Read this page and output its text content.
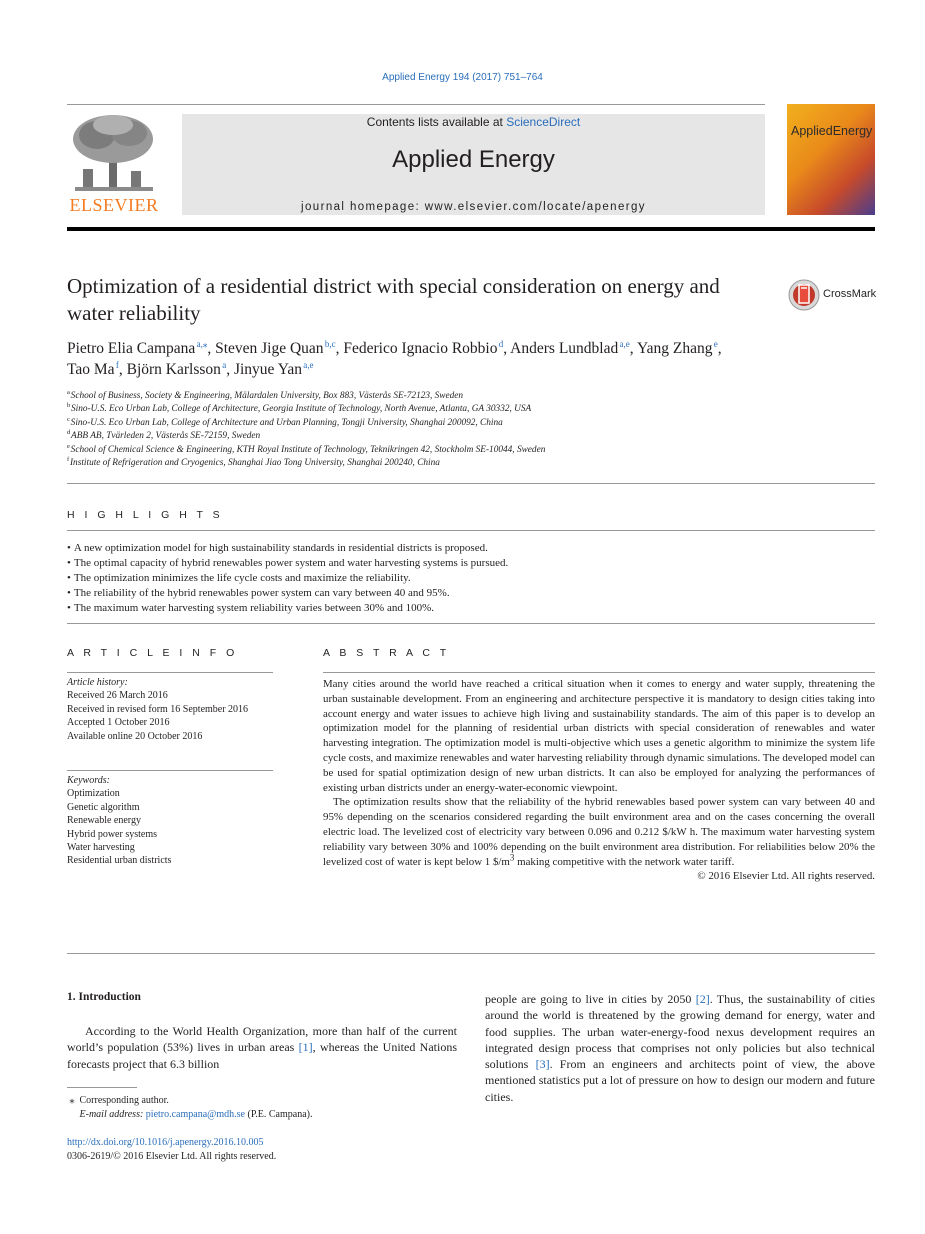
Applied Energy 194 (2017) 751–764
ELSEVIER
Contents lists available at ScienceDirect
Applied Energy
journal homepage: www.elsevier.com/locate/apenergy
AppliedEnergy
Optimization of a residential district with special consideration on energy and water reliability
CrossMark
Pietro Elia Campana $^{a,⁎}$, Steven Jige Quan $^{b,c}$, Federico Ignacio Robbio $^d$, Anders Lundblad $^{a,e}$, Yang Zhang $^e$,
Tao Ma $^f$, Björn Karlsson $^a$, Jinyue Yan $^{a,e}$
$^a$ School of Business, Society & Engineering, Mälardalen University, Box 883, Västerås SE-72123, Sweden
$^b$ Sino-U.S. Eco Urban Lab, College of Architecture, Georgia Institute of Technology, North Avenue, Atlanta, GA 30332, USA
$^c$ Sino-U.S. Eco Urban Lab, College of Architecture and Urban Planning, Tongji University, Shanghai 200092, China
$^d$ ABB AB, Tvärleden 2, Västerås SE-72159, Sweden
$^e$ School of Chemical Science & Engineering, KTH Royal Institute of Technology, Teknikringen 42, Stockholm SE-10044, Sweden
$^f$ Institute of Refrigeration and Cryogenics, Shanghai Jiao Tong University, Shanghai 200240, China
H I G H L I G H T S
• A new optimization model for high sustainability standards in residential districts is proposed.
• The optimal capacity of hybrid renewables power system and water harvesting systems is pursued.
• The optimization minimizes the life cycle costs and maximize the reliability.
• The reliability of the hybrid renewables power system can vary between 40 and 95%.
• The maximum water harvesting system reliability varies between 30% and 100%.
A R T I C L E I N F O
Article history:
Received 26 March 2016
Received in revised form 16 September 2016
Accepted 1 October 2016
Available online 20 October 2016
Keywords:
Optimization
Genetic algorithm
Renewable energy
Hybrid power systems
Water harvesting
Residential urban districts
A B S T R A C T

Many cities around the world have reached a critical situation when it comes to energy and water supply, threatening the urban sustainable development. From an engineering and architecture perspective it is mandatory to design cities taking into account energy and water issues to achieve high living and sustainability standards. The aim of this paper is to develop an optimization model for the planning of residential urban districts with special consideration of renewables and water harvesting integration. The optimization model is multi-objective which uses a genetic algorithm to minimize the system life cycle costs, and maximize renewables and water harvesting reliability through dynamic simulations. The developed model can be used for spatial optimization design of new urban districts. It can also be employed for analyzing the performances of existing urban districts under an energy-water-economic viewpoint.

The optimization results show that the reliability of the hybrid renewables based power system can vary between 40 and 95% depending on the scenarios considered regarding the built environment area and on the cases concerning the overall electric load. The levelized cost of electricity vary between 0.096 and 0.212 $/kW h. The maximum water harvesting system reliability vary between 30% and 100% depending on the built environment area distribution. For reliabilities below 20% the levelized cost of water is kept below 1 $\$/m^3$ making competitive with the network water tariff.

© 2016 Elsevier Ltd. All rights reserved.

1. Introduction

According to the World Health Organization, more than half of the current world’s population (53%) lives in urban areas [1], whereas the United Nations forecasts project that 6.3 billion

people are going to live in cities by 2050 [2]. Thus, the sustainability of cities around the world is threatened by the growing demand for energy, water and food supplies. The urban water-energy-food nexus development requires an integrated design process that comprises not only policies but also technical solutions [3]. From an engineers and architects point of view, the above mentioned statistics put a lot of pressure on how to design our modern and future cities.

⁎ Corresponding author.
E-mail address: pietro.campana@mdh.se (P.E. Campana).
http://dx.doi.org/10.1016/j.apenergy.2016.10.005
0306-2619/© 2016 Elsevier Ltd. All rights reserved.
